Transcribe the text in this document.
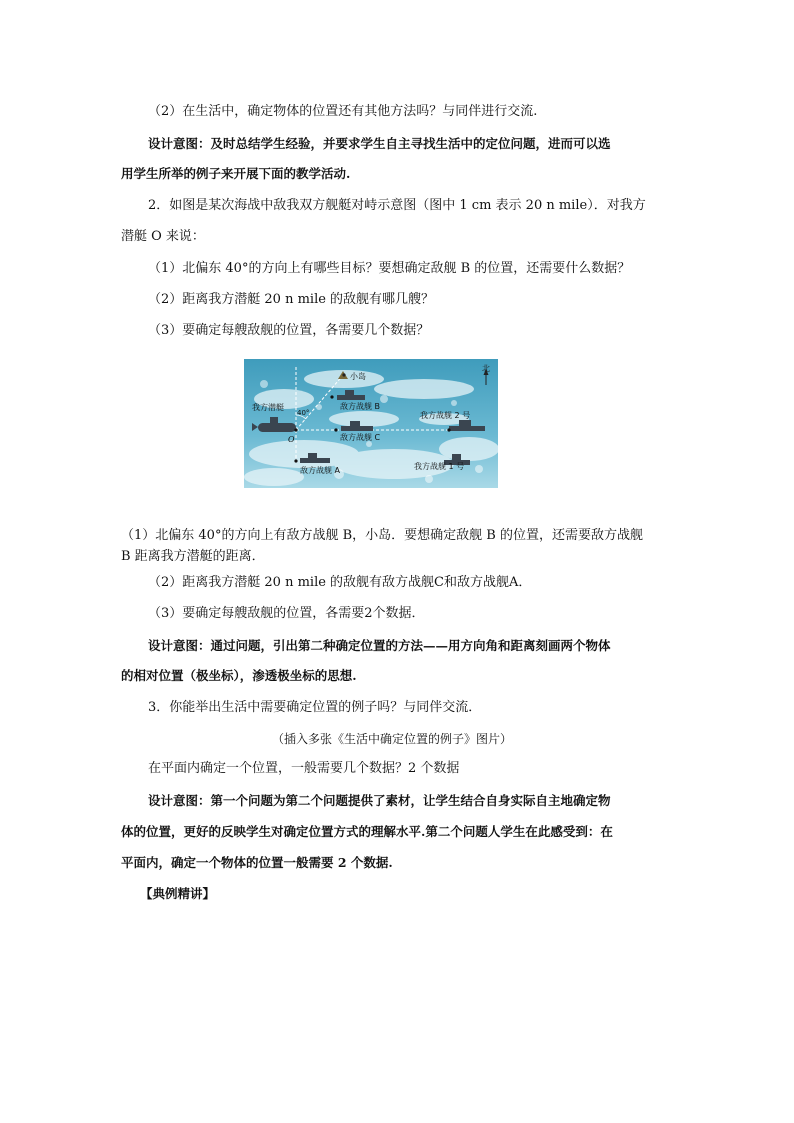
（2）在生活中，确定物体的位置还有其他方法吗？与同伴进行交流.
设计意图：及时总结学生经验，并要求学生自主寻找生活中的定位问题，进而可以选
用学生所举的例子来开展下面的教学活动.
2．如图是某次海战中敌我双方舰艇对峙示意图（图中 1 cm 表示 20 n mile）．对我方
潜艇 O 来说：
（1）北偏东 40°的方向上有哪些目标？要想确定敌舰 B 的位置，还需要什么数据？
（2）距离我方潜艇 20 n mile 的敌舰有哪几艘？
（3）要确定每艘敌舰的位置，各需要几个数据？
北
小岛
我方潜艇
40°
O
敌方战舰 B
敌方战舰 C
我方战舰 2 号
敌方战舰 A	我方战舰 1 号
（1）北偏东 40°的方向上有敌方战舰 B，小岛．要想确定敌舰 B 的位置，还需要敌方战舰
B 距离我方潜艇的距离．
（2）距离我方潜艇 20 n mile 的敌舰有敌方战舰C和敌方战舰A．
（3）要确定每艘敌舰的位置，各需要2个数据．
设计意图：通过问题，引出第二种确定位置的方法——用方向角和距离刻画两个物体
的相对位置（极坐标），渗透极坐标的思想.
3．你能举出生活中需要确定位置的例子吗？与同伴交流．
（插入多张《生活中确定位置的例子》图片）
在平面内确定一个位置，一般需要几个数据？2 个数据
设计意图：第一个问题为第二个问题提供了素材，让学生结合自身实际自主地确定物
体的位置，更好的反映学生对确定位置方式的理解水平.第二个问题人学生在此感受到：在
平面内，确定一个物体的位置一般需要 2 个数据.
【典例精讲】
